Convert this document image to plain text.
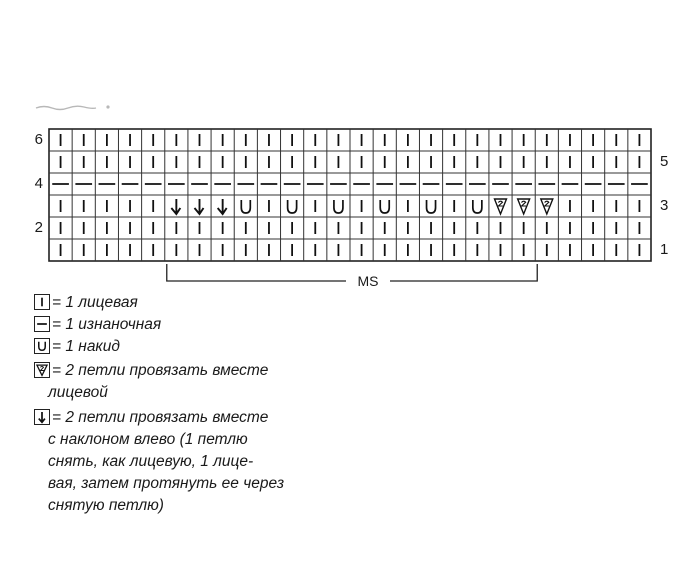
6
5
4
3
2
1
MS
= 1 лицевая
= 1 изнаночная
= 1 накид
= 2 петли провязать вместе
лицевой
= 2 петли провязать вместе
с наклоном влево (1 петлю
снять, как лицевую, 1 лице-
вая, затем протянуть ее через
снятую петлю)
